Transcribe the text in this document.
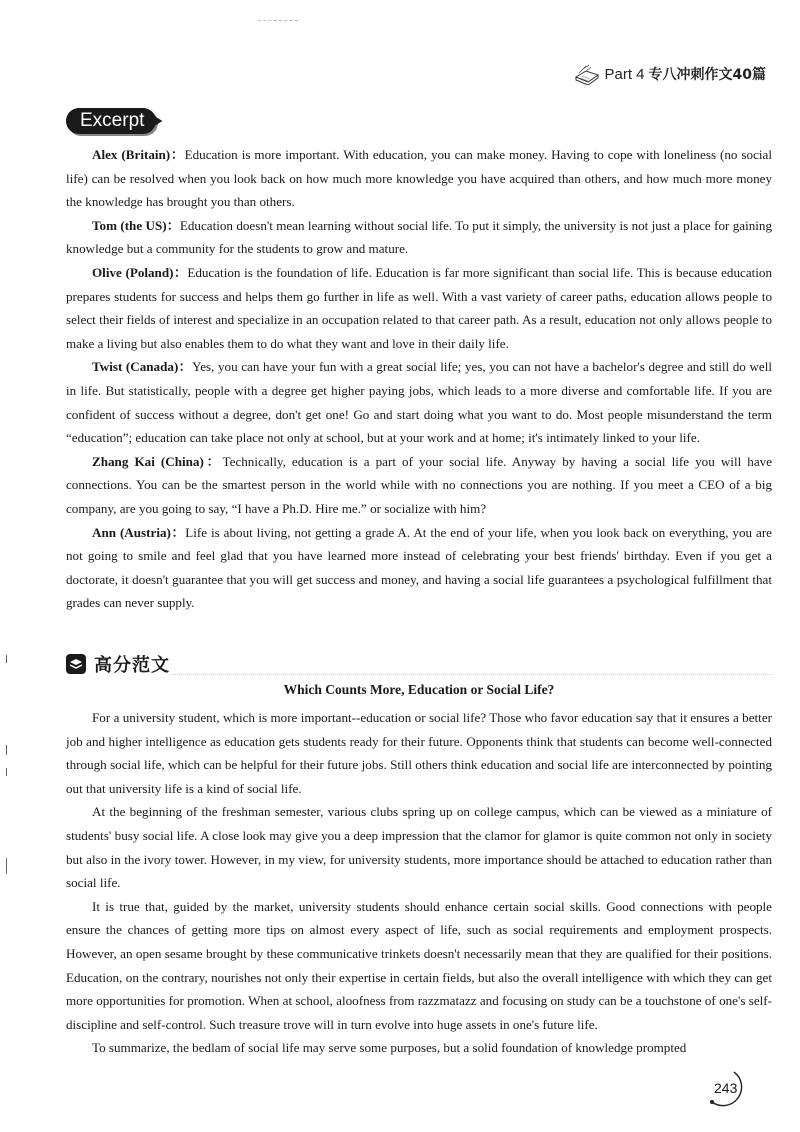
Part 4 专八冲刺作文40篇
Excerpt

Alex (Britain)：Education is more important. With education, you can make money. Having to cope with loneliness (no social life) can be resolved when you look back on how much more knowledge you have acquired than others, and how much more money the knowledge has brought you than others.

Tom (the US)：Education doesn't mean learning without social life. To put it simply, the university is not just a place for gaining knowledge but a community for the students to grow and mature.

Olive (Poland)：Education is the foundation of life. Education is far more significant than social life. This is because education prepares students for success and helps them go further in life as well. With a vast variety of career paths, education allows people to select their fields of interest and specialize in an occupation related to that career path. As a result, education not only allows people to make a living but also enables them to do what they want and love in their daily life.

Twist (Canada)：Yes, you can have your fun with a great social life; yes, you can not have a bachelor's degree and still do well in life. But statistically, people with a degree get higher paying jobs, which leads to a more diverse and comfortable life. If you are confident of success without a degree, don't get one! Go and start doing what you want to do. Most people misunderstand the term “education”; education can take place not only at school, but at your work and at home; it's intimately linked to your life.

Zhang Kai (China)：Technically, education is a part of your social life. Anyway by having a social life you will have connections. You can be the smartest person in the world while with no connections you are nothing. If you meet a CEO of a big company, are you going to say, “I have a Ph.D. Hire me.” or socialize with him?

Ann (Austria)：Life is about living, not getting a grade A. At the end of your life, when you look back on everything, you are not going to smile and feel glad that you have learned more instead of celebrating your best friends' birthday. Even if you get a doctorate, it doesn't guarantee that you will get success and money, and having a social life guarantees a psychological fulfillment that grades can never supply.

高分范文
Which Counts More, Education or Social Life?

For a university student, which is more important--education or social life? Those who favor education say that it ensures a better job and higher intelligence as education gets students ready for their future. Opponents think that students can become well-connected through social life, which can be helpful for their future jobs. Still others think education and social life are interconnected by pointing out that university life is a kind of social life.

At the beginning of the freshman semester, various clubs spring up on college campus, which can be viewed as a miniature of students' busy social life. A close look may give you a deep impression that the clamor for glamor is quite common not only in society but also in the ivory tower. However, in my view, for university students, more importance should be attached to education rather than social life.

It is true that, guided by the market, university students should enhance certain social skills. Good connections with people ensure the chances of getting more tips on almost every aspect of life, such as social requirements and employment prospects. However, an open sesame brought by these communicative trinkets doesn't necessarily mean that they are qualified for their positions. Education, on the contrary, nourishes not only their expertise in certain fields, but also the overall intelligence with which they can get more opportunities for promotion. When at school, aloofness from razzmatazz and focusing on study can be a touchstone of one's self-discipline and self-control. Such treasure trove will in turn evolve into huge assets in one's future life.

To summarize, the bedlam of social life may serve some purposes, but a solid foundation of knowledge prompted

243
